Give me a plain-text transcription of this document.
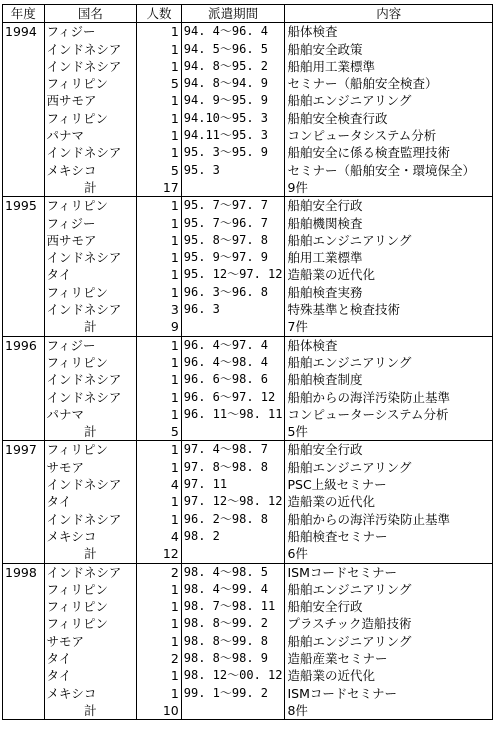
年度	国名	人数	派遣期間	内容
1994	フィジー	1	94. 4～96. 4	船体検査
	インドネシア	1	94. 5～96. 5	船舶安全政策
	インドネシア	1	94. 8～95. 2	船舶用工業標準
	フィリピン	5	94. 8～94. 9	セミナー（船舶安全検査）
	西サモア	1	94. 9～95. 9	船舶エンジニアリング
	フィリピン	1	94.10～95. 3	船舶安全検査行政
	パナマ	1	94.11～95. 3	コンピュータシステム分析
	インドネシア	1	95. 3～95. 9	船舶安全に係る検査監理技術
	メキシコ	5	95. 3	セミナー（船舶安全・環境保全）
	計	17		9件
1995	フィリピン	1	95. 7～97. 7	船舶安全行政
	フィジー	1	95. 7～96. 7	船舶機関検査
	西サモア	1	95. 8～97. 8	船舶エンジニアリング
	インドネシア	1	95. 9～97. 9	舶用工業標準
	タイ	1	95. 12～97. 12	造船業の近代化
	フィリピン	1	96. 3～96. 8	船舶検査実務
	インドネシア	3	96. 3	特殊基準と検査技術
	計	9		7件
1996	フィジー	1	96. 4～97. 4	船体検査
	フィリピン	1	96. 4～98. 4	船舶エンジニアリング
	インドネシア	1	96. 6～98. 6	船舶検査制度
	インドネシア	1	96. 6～97. 12	船舶からの海洋汚染防止基準
	パナマ	1	96. 11～98. 11	コンピューターシステム分析
	計	5		5件
1997	フィリピン	1	97. 4～98. 7	船舶安全行政
	サモア	1	97. 8～98. 8	船舶エンジニアリング
	インドネシア	4	97. 11	PSC上級セミナー
	タイ	1	97. 12～98. 12	造船業の近代化
	インドネシア	1	96. 2～98. 8	船舶からの海洋汚染防止基準
	メキシコ	4	98. 2	船舶検査セミナー
	計	12		6件
1998	インドネシア	2	98. 4～98. 5	ISMコードセミナー
	フィリピン	1	98. 4～99. 4	船舶エンジニアリング
	フィリピン	1	98. 7～98. 11	船舶安全行政
	フィリピン	1	98. 8～99. 2	プラスチック造船技術
	サモア	1	98. 8～99. 8	船舶エンジニアリング
	タイ	2	98. 8～98. 9	造船産業セミナー
	タイ	1	98. 12～00. 12	造船業の近代化
	メキシコ	1	99. 1～99. 2	ISMコードセミナー
	計	10		8件
